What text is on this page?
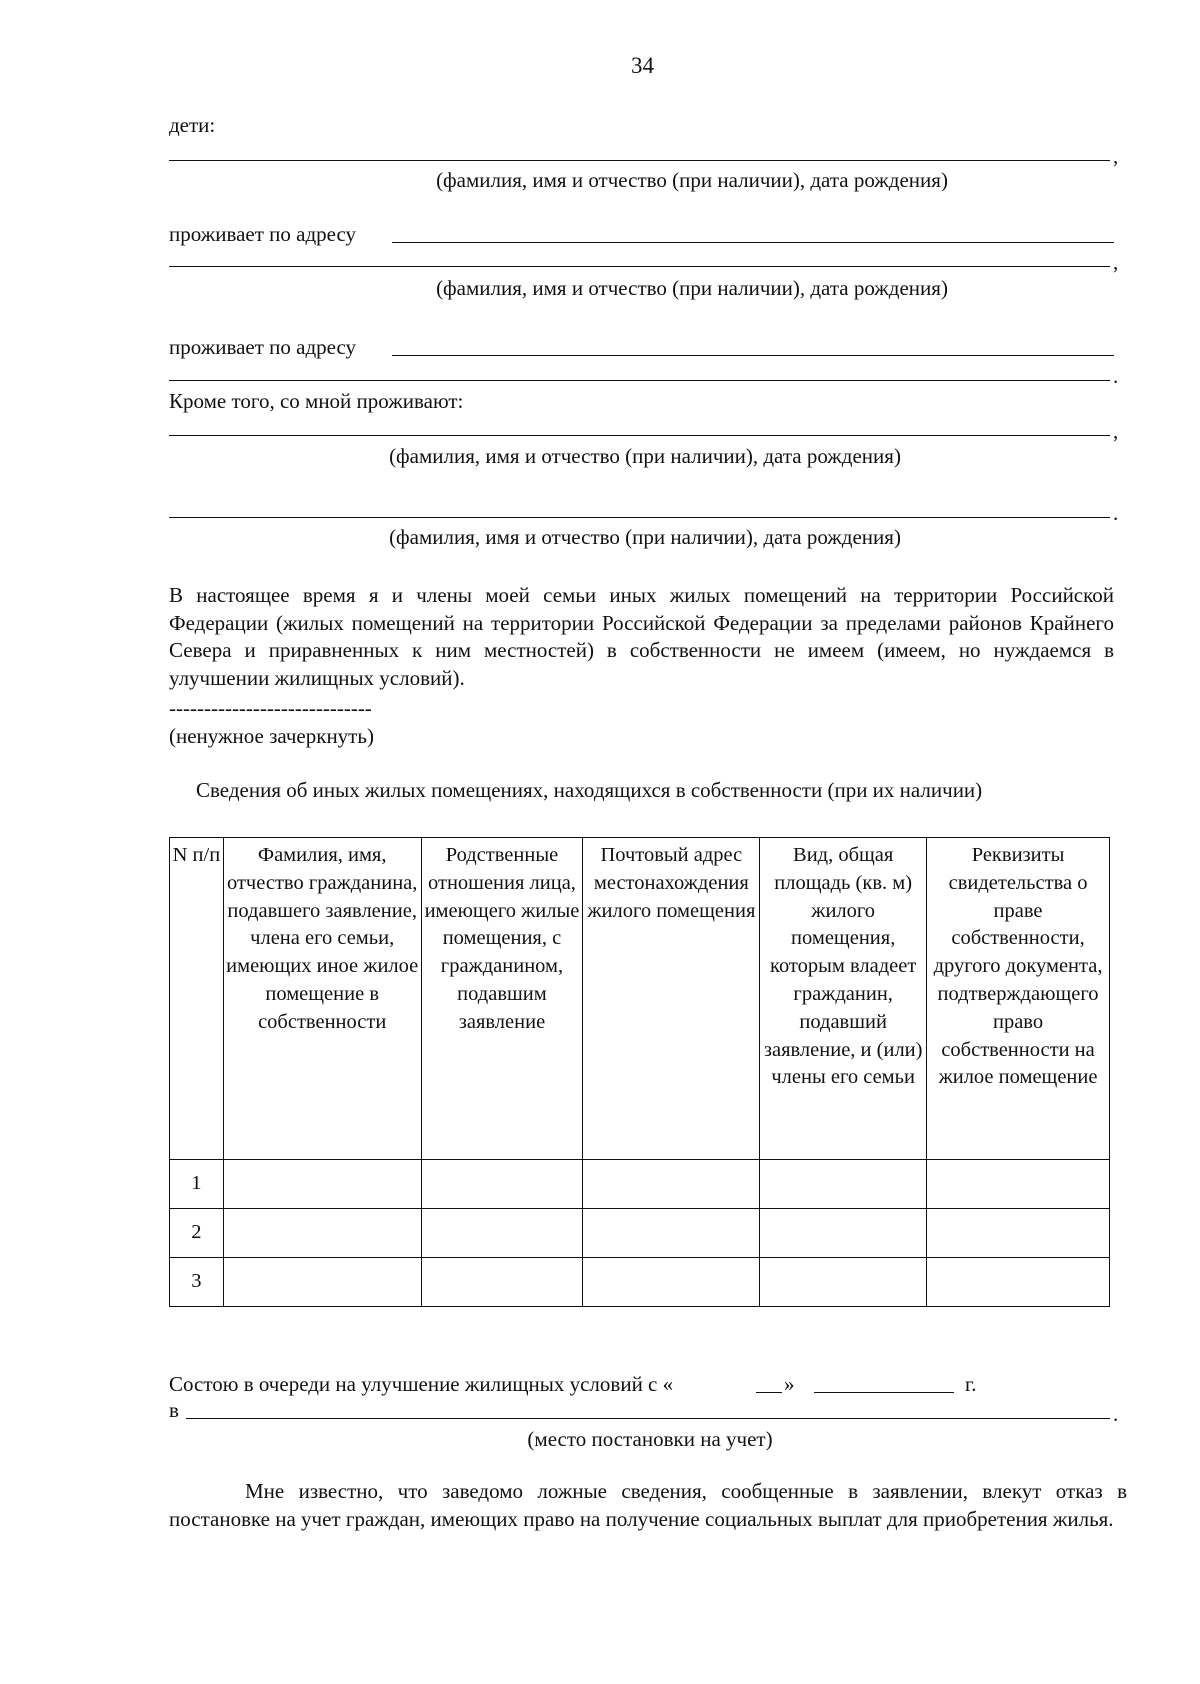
34
дети:
,
(фамилия, имя и отчество (при наличии), дата рождения)
проживает по адресу
,
(фамилия, имя и отчество (при наличии), дата рождения)
проживает по адресу
.
Кроме того, со мной проживают:
,
(фамилия, имя и отчество (при наличии), дата рождения)
.
(фамилия, имя и отчество (при наличии), дата рождения)
В настоящее время я и члены моей семьи иных жилых помещений на территории Российской Федерации (жилых помещений на территории Российской Федерации за пределами районов Крайнего Севера и приравненных к ним местностей) в собственности не имеем (имеем, но нуждаемся в улучшении жилищных условий).
-----------------------------
(ненужное зачеркнуть)
Сведения об иных жилых помещениях, находящихся в собственности (при их наличии)
N п/п	Фамилия, имя, отчество гражданина, подавшего заявление, члена его семьи, имеющих иное жилое помещение в собственности	Родственные отношения лица, имеющего жилые помещения, с гражданином, подавшим заявление	Почтовый адрес местонахождения жилого помещения	Вид, общая площадь (кв. м) жилого помещения, которым владеет гражданин, подавший заявление, и (или) члены его семьи	Реквизиты свидетельства о праве собственности, другого документа, подтверждающего право собственности на жилое помещение
1					
2					
3					
Состою в очереди на улучшение жилищных условий с «	»	г.
в	.
(место постановки на учет)
Мне известно, что заведомо ложные сведения, сообщенные в заявлении, влекут отказ в постановке на учет граждан, имеющих право на получение социальных выплат для приобретения жилья.
